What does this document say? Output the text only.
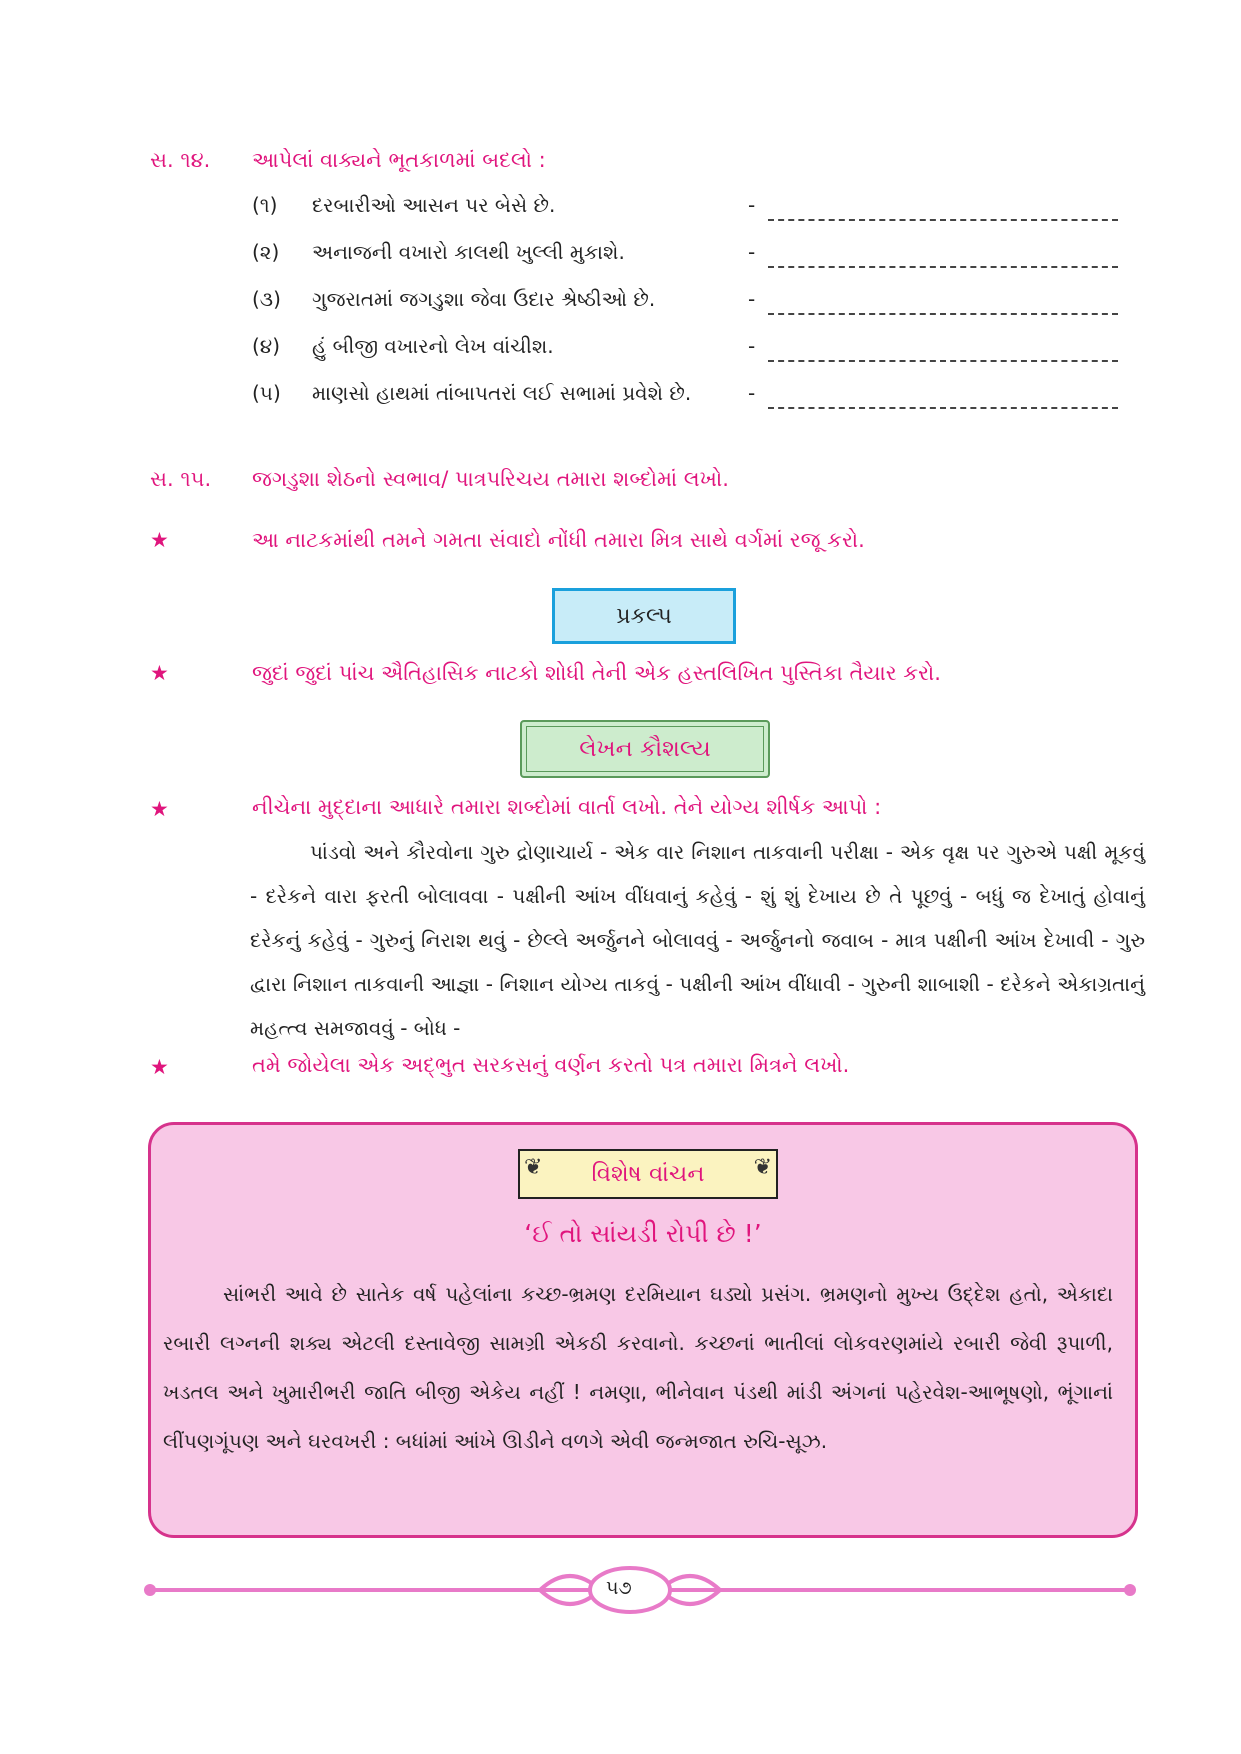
સ. ૧૪. આપેલાં વાક્યને ભૂતકાળમાં બદલો :
(૧) દરબારીઓ આસન પર બેસે છે.	-
(૨) અનાજની વખારો કાલથી ખુલ્લી મુકાશે.	-
(૩) ગુજરાતમાં જગડુશા જેવા ઉદાર શ્રેષ્ઠીઓ છે.	-
(૪) હું બીજી વખારનો લેખ વાંચીશ.	-
(૫) માણસો હાથમાં તાંબાપતરાં લઈ સભામાં પ્રવેશે છે.	-
સ. ૧૫. જગડુશા શેઠનો સ્વભાવ/ પાત્રપરિચય તમારા શબ્દોમાં લખો.
★	આ નાટકમાંથી તમને ગમતા સંવાદો નોંધી તમારા મિત્ર સાથે વર્ગમાં રજૂ કરો.
પ્રકલ્પ
★	જુદાં જુદાં પાંચ ઐતિહાસિક નાટકો શોધી તેની એક હસ્તલિખિત પુસ્તિકા તૈયાર કરો.
લેખન કૌશલ્ય
★	નીચેના મુદ્દાના આધારે તમારા શબ્દોમાં વાર્તા લખો. તેને યોગ્ય શીર્ષક આપો :

પાંડવો અને કૌરવોના ગુરુ દ્રોણાચાર્ય - એક વાર નિશાન તાકવાની પરીક્ષા - એક વૃક્ષ પર ગુરુએ પક્ષી મૂકવું - દરેકને વારા ફરતી બોલાવવા - પક્ષીની આંખ વીંધવાનું કહેવું - શું શું દેખાય છે તે પૂછવું - બધું જ દેખાતું હોવાનું દરેકનું કહેવું - ગુરુનું નિરાશ થવું - છેલ્લે અર્જુનને બોલાવવું - અર્જુનનો જવાબ - માત્ર પક્ષીની આંખ દેખાવી - ગુરુ દ્વારા નિશાન તાકવાની આજ્ઞા - નિશાન યોગ્ય તાકવું - પક્ષીની આંખ વીંધાવી - ગુરુની શાબાશી - દરેકને એકાગ્રતાનું મહત્ત્વ સમજાવવું - બોધ -

★	તમે જોયેલા એક અદ્ભુત સરકસનું વર્ણન કરતો પત્ર તમારા મિત્રને લખો.
❦ વિશેષ વાંચન ❦
‘ઈ તો સાંયડી રોપી છે !’

સાંભરી આવે છે સાતેક વર્ષ પહેલાંના કચ્છ-ભ્રમણ દરમિયાન ઘડ્યો પ્રસંગ. ભ્રમણનો મુખ્ય ઉદ્દેશ હતો, એકાદા રબારી લગ્નની શક્ય એટલી દસ્તાવેજી સામગ્રી એકઠી કરવાનો. કચ્છનાં ભાતીલાં લોકવરણમાંયે રબારી જેવી રૂપાળી, ખડતલ અને ખુમારીભરી જાતિ બીજી એકેય નહીં ! નમણા, ભીનેવાન પંડથી માંડી અંગનાં પહેરવેશ-આભૂષણો, ભૂંગાનાં લીંપણગૂંપણ અને ઘરવખરી : બધાંમાં આંખે ઊડીને વળગે એવી જન્મજાત રુચિ-સૂઝ.

૫૭
